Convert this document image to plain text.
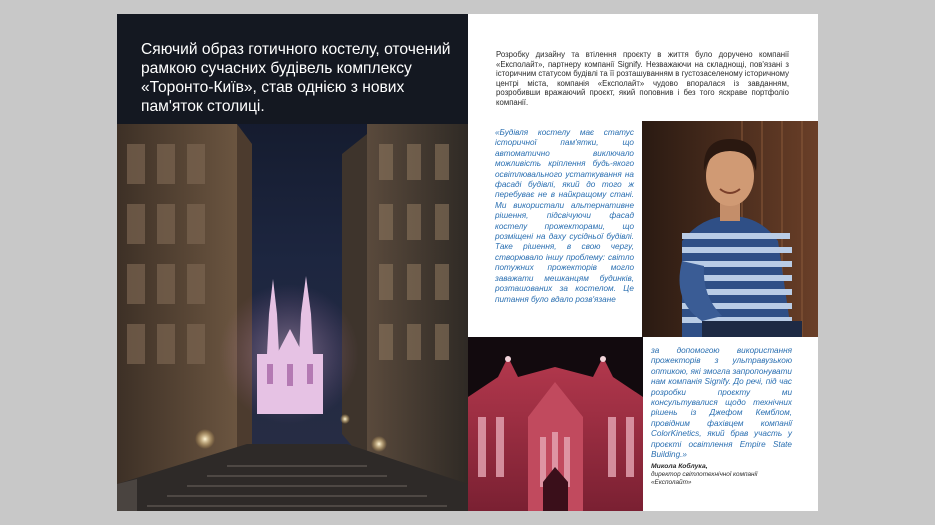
Сяючий образ готичного костелу, оточений рамкою сучасних будівель комплексу «Торонто-Київ», став однією з нових пам'яток столиці.

Розробку дизайну та втілення проєкту в життя було доручено компанії «Експолайт», партнеру компанії Signify. Незважаючи на складнощі, пов'язані з історичним статусом будівлі та її розташуванням в густозаселеному історичному центрі міста, компанія «Експолайт» чудово впоралася із завданням, розробивши вражаючий проєкт, який поповнив і без того яскраве портфоліо компанії.

«Будівля костелу має статус історичної пам'ятки, що автоматично виключало можливість кріплення будь-якого освітлювального устаткування на фасаді будівлі, який до того ж перебуває не в найкращому стані. Ми використали альтернативне рішення, підсвічуючи фасад костелу прожекторами, що розміщені на даху сусідньої будівлі. Таке рішення, в свою чергу, створювало іншу проблему: світло потужних прожекторів могло заважати мешканцям будинків, розташованих за костелом. Це питання було вдало розв'язане

за допомогою використання прожекторів з ультравузькою оптикою, які змогла запропонувати нам компанія Signify. До речі, під час розробки проєкту ми консультувалися щодо технічних рішень із Джефом Кемблом, провідним фахівцем компанії ColorKinetics, який брав участь у проєкті освітлення Empire State Building.»

Микола Коблука,
директор світлотехнічної компанії «Експолайт»
